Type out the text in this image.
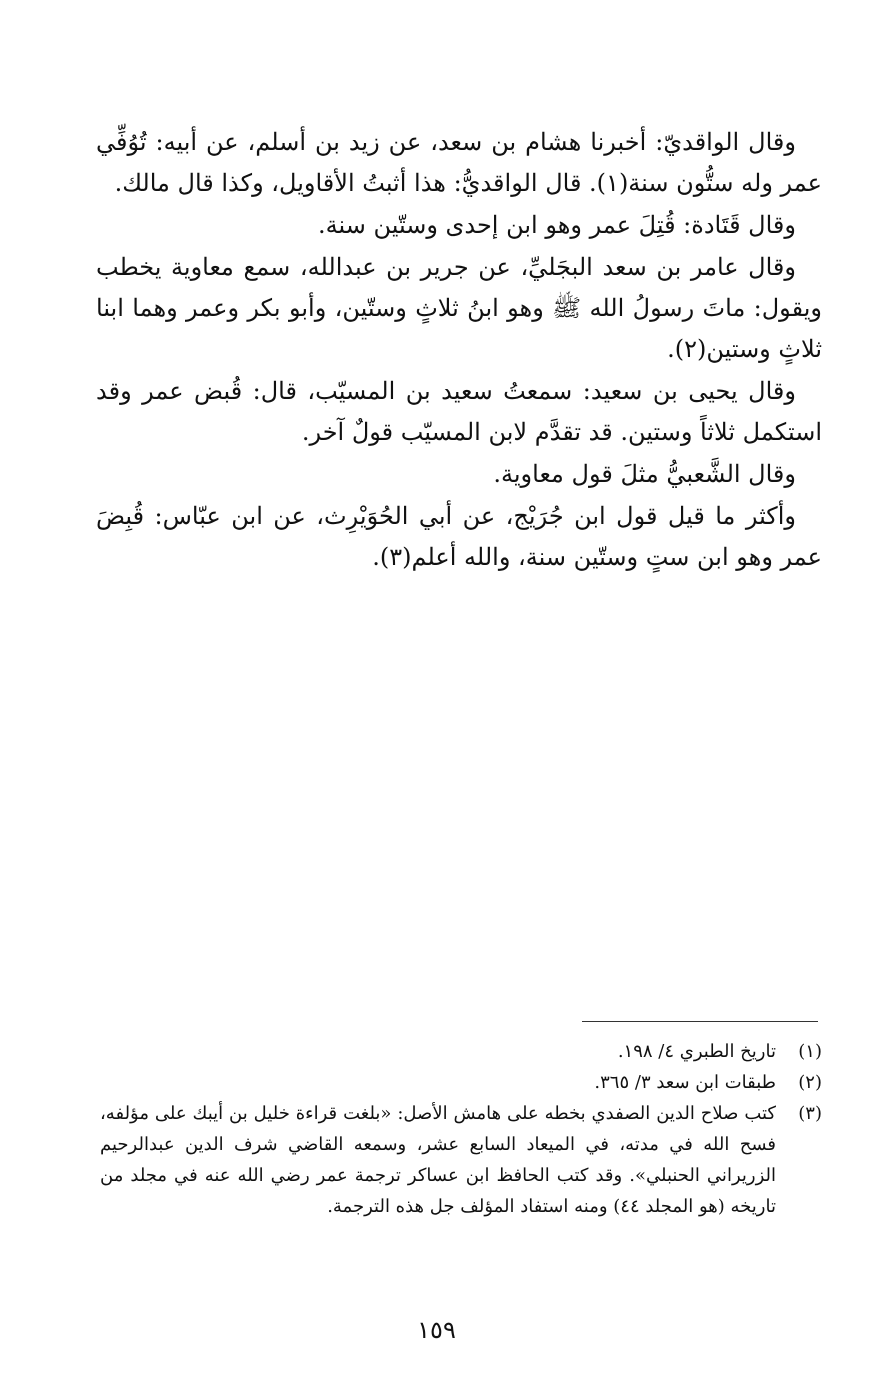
وقال الواقديّ: أخبرنا هشام بن سعد، عن زيد بن أسلم، عن أبيه: تُوُفِّي عمر وله ستُّون سنة(١). قال الواقديُّ: هذا أثبتُ الأقاويل، وكذا قال مالك.

وقال قَتَادة: قُتِلَ عمر وهو ابن إحدى وستّين سنة.

وقال عامر بن سعد البجَليِّ، عن جرير بن عبدالله، سمع معاوية يخطب ويقول: ماتَ رسولُ الله ﷺ وهو ابنُ ثلاثٍ وستّين، وأبو بكر وعمر وهما ابنا ثلاثٍ وستين(٢).

وقال يحيى بن سعيد: سمعتُ سعيد بن المسيّب، قال: قُبض عمر وقد استكمل ثلاثاً وستين. قد تقدَّم لابن المسيّب قولٌ آخر.

وقال الشَّعبيُّ مثلَ قول معاوية.

وأكثر ما قيل قول ابن جُرَيْج، عن أبي الحُوَيْرِث، عن ابن عبّاس: قُبِضَ عمر وهو ابن ستٍ وستّين سنة، والله أعلم(٣).

(١)
تاريخ الطبري ٤/ ١٩٨.
(٢)
طبقات ابن سعد ٣/ ٣٦٥.
(٣)
كتب صلاح الدين الصفدي بخطه على هامش الأصل: «بلغت قراءة خليل بن أيبك على مؤلفه، فسح الله في مدته، في الميعاد السابع عشر، وسمعه القاضي شرف الدين عبدالرحيم الزريراني الحنبلي». وقد كتب الحافظ ابن عساكر ترجمة عمر رضي الله عنه في مجلد من تاريخه (هو المجلد ٤٤) ومنه استفاد المؤلف جل هذه الترجمة.
١٥٩
